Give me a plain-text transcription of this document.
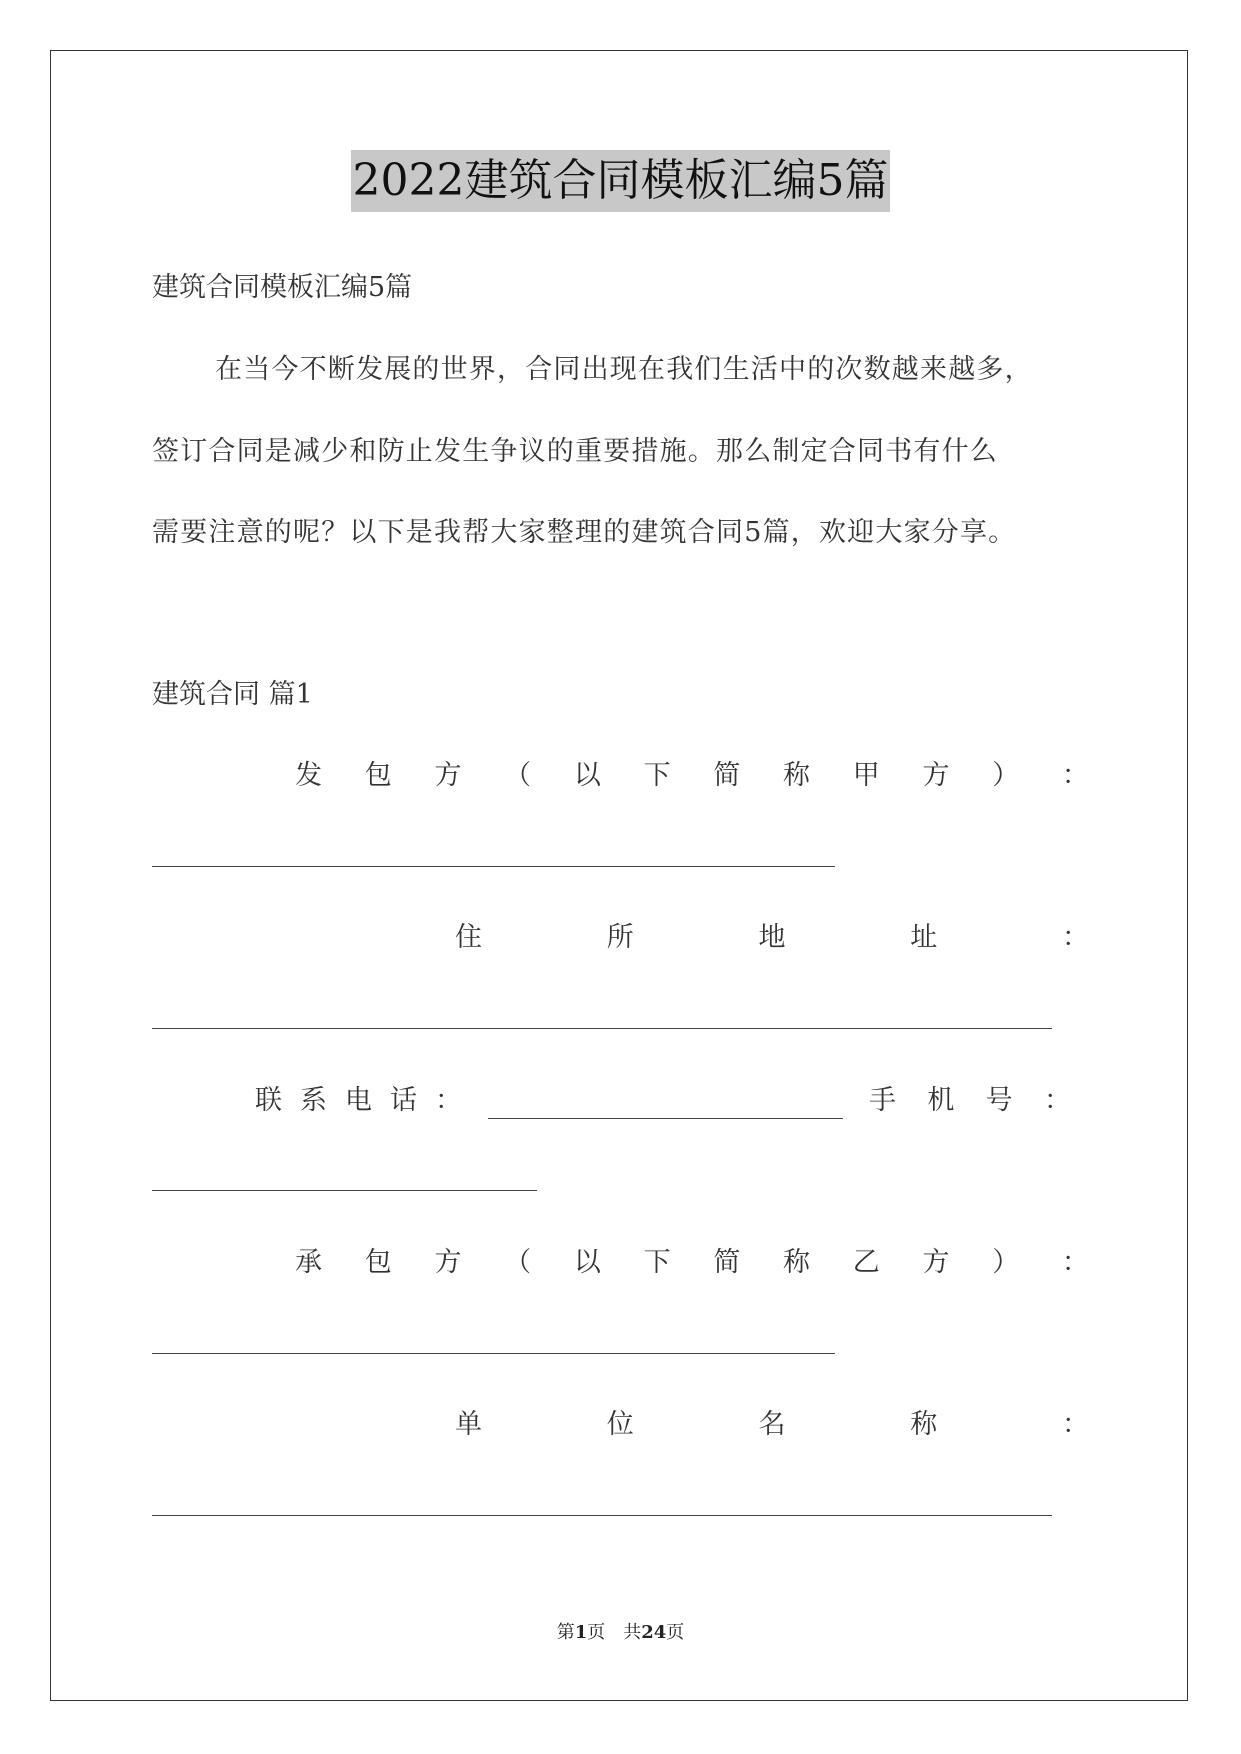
2022建筑合同模板汇编5篇
建筑合同模板汇编5篇
在当今不断发展的世界，合同出现在我们生活中的次数越来越多，
签订合同是减少和防止发生争议的重要措施。那么制定合同书有什么
需要注意的呢？以下是我帮大家整理的建筑合同5篇，欢迎大家分享。
建筑合同 篇1
发 包 方 （ 以 下 简 称 甲 方 ） ：
住	所	地	址	：
联系电话：	手 机 号 ：
承 包 方 （ 以 下 简 称 乙 方 ） ：
单	位	名	称	：
第1页　共24页
